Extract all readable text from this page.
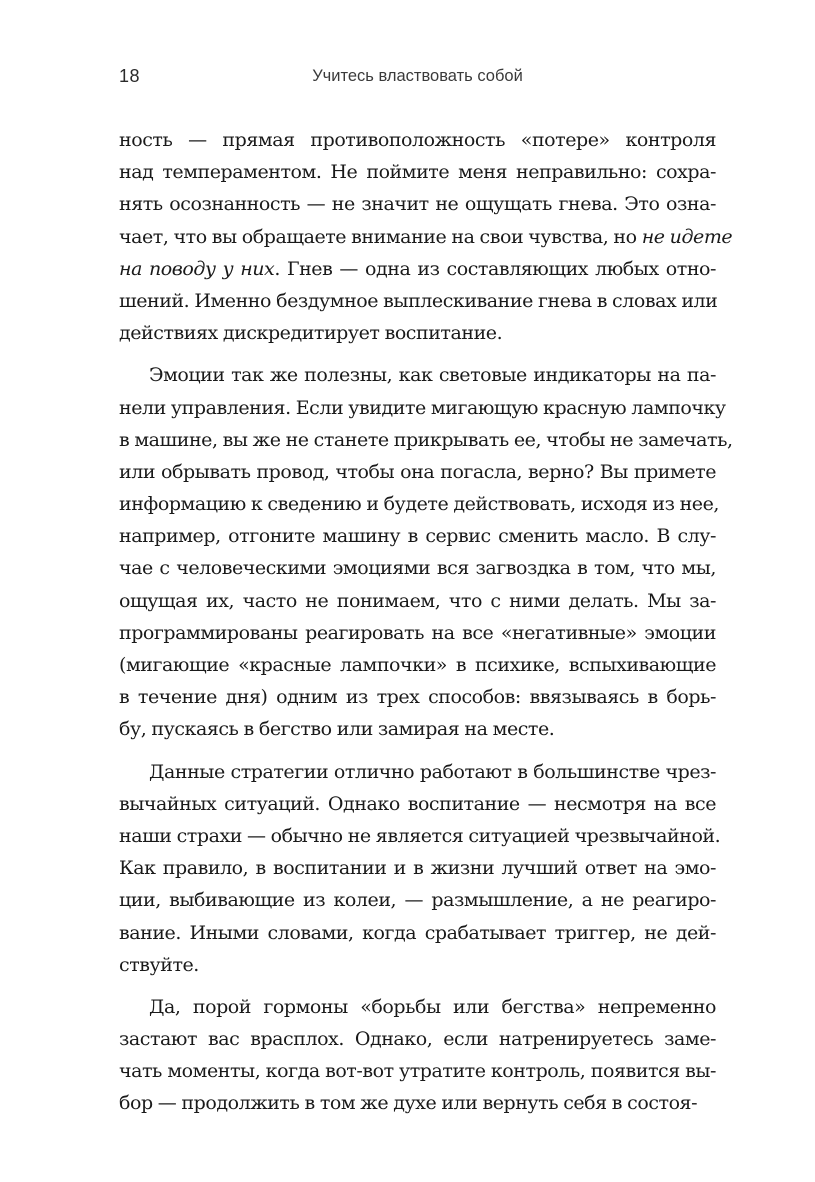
18	Учитесь властвовать собой
ность — прямая противоположность «потере» контроля
над темпераментом. Не поймите меня неправильно: сохра-
нять осознанность — не значит не ощущать гнева. Это озна-
чает, что вы обращаете внимание на свои чувства, но не идете
на поводу у них. Гнев — одна из составляющих любых отно-
шений. Именно бездумное выплескивание гнева в словах или
действиях дискредитирует воспитание.
Эмоции так же полезны, как световые индикаторы на па-
нели управления. Если увидите мигающую красную лампочку
в машине, вы же не станете прикрывать ее, чтобы не замечать,
или обрывать провод, чтобы она погасла, верно? Вы примете
информацию к сведению и будете действовать, исходя из нее,
например, отгоните машину в сервис сменить масло. В слу-
чае с человеческими эмоциями вся загвоздка в том, что мы,
ощущая их, часто не понимаем, что с ними делать. Мы за-
программированы реагировать на все «негативные» эмоции
(мигающие «красные лампочки» в психике, вспыхивающие
в течение дня) одним из трех способов: ввязываясь в борь-
бу, пускаясь в бегство или замирая на месте.
Данные стратегии отлично работают в большинстве чрез-
вычайных ситуаций. Однако воспитание — несмотря на все
наши страхи — обычно не является ситуацией чрезвычайной.
Как правило, в воспитании и в жизни лучший ответ на эмо-
ции, выбивающие из колеи, — размышление, а не реагиро-
вание. Иными словами, когда срабатывает триггер, не дей-
ствуйте.
Да, порой гормоны «борьбы или бегства» непременно
застают вас врасплох. Однако, если натренируетесь заме-
чать моменты, когда вот-вот утратите контроль, появится вы-
бор — продолжить в том же духе или вернуть себя в состоя-
